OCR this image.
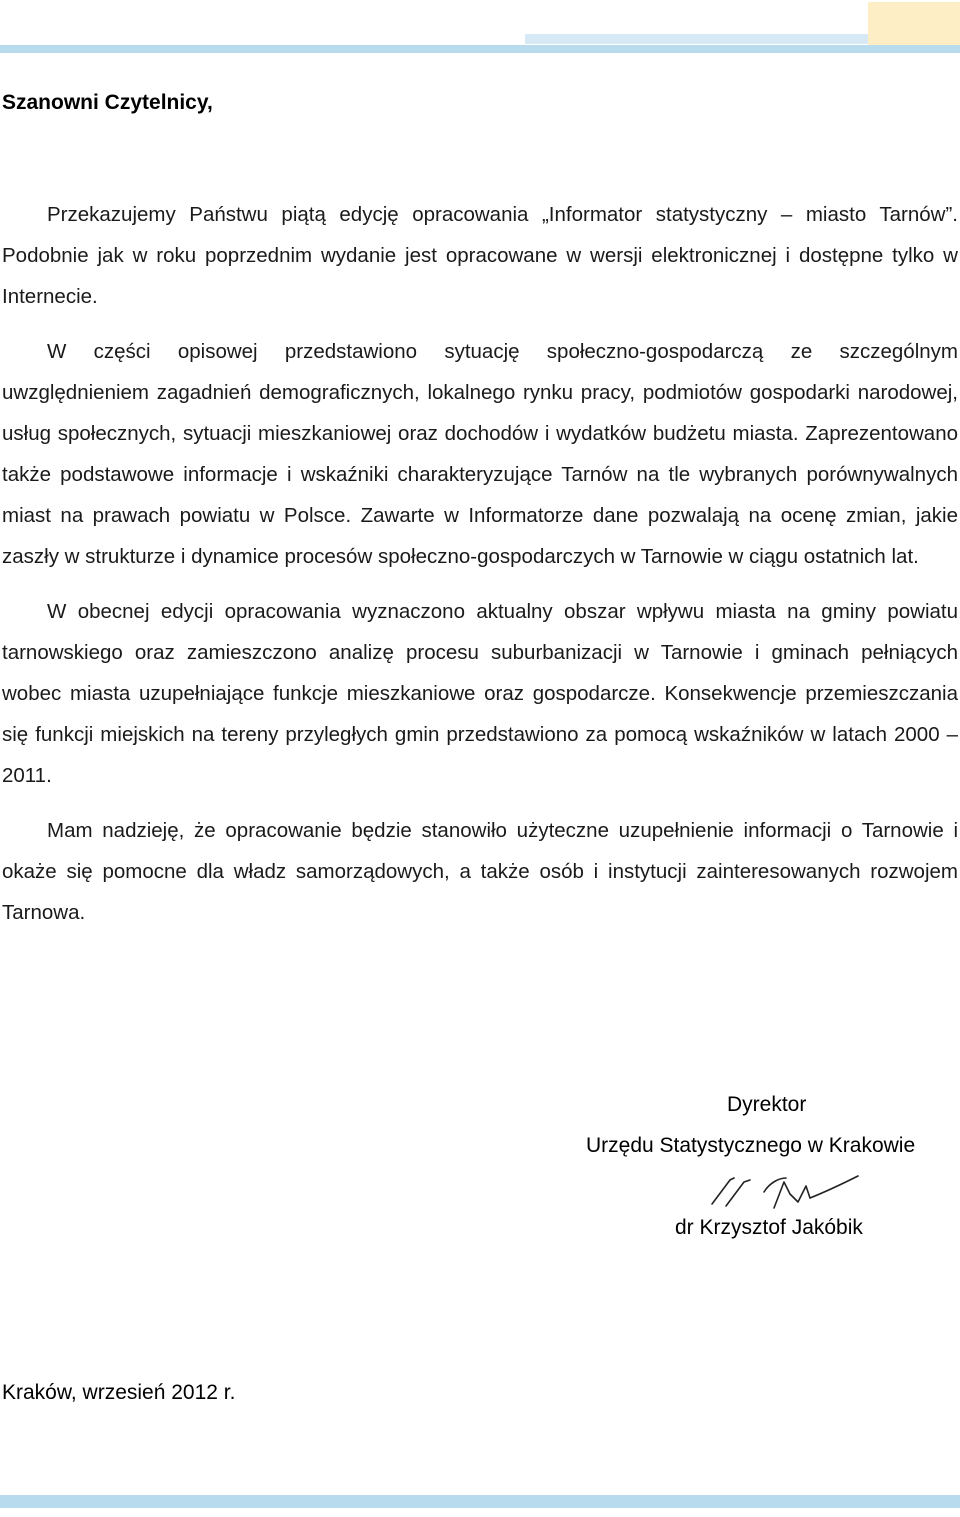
Szanowni Czytelnicy,

Przekazujemy Państwu piątą edycję opracowania „Informator statystyczny – miasto Tarnów”. Podobnie jak w roku poprzednim wydanie jest opracowane w wersji elektronicznej i dostępne tylko w Internecie.

W części opisowej przedstawiono sytuację społeczno-gospodarczą ze szczególnym uwzględnieniem zagadnień demograficznych, lokalnego rynku pracy, podmiotów gospodarki narodowej, usług społecznych, sytuacji mieszkaniowej oraz dochodów i wydatków budżetu miasta. Zaprezentowano także podstawowe informacje i wskaźniki charakteryzujące Tarnów na tle wybranych porównywalnych miast na prawach powiatu w Polsce. Zawarte w Informatorze dane pozwalają na ocenę zmian, jakie zaszły w strukturze i dynamice procesów społeczno-gospodarczych w Tarnowie w ciągu ostatnich lat.

W obecnej edycji opracowania wyznaczono aktualny obszar wpływu miasta na gminy powiatu tarnowskiego oraz zamieszczono analizę procesu suburbanizacji w Tarnowie i gminach pełniących wobec miasta uzupełniające funkcje mieszkaniowe oraz gospodarcze. Konsekwencje przemieszczania się funkcji miejskich na tereny przyległych gmin przedstawiono za pomocą wskaźników w latach 2000 – 2011.

Mam nadzieję, że opracowanie będzie stanowiło użyteczne uzupełnienie informacji o Tarnowie i okaże się pomocne dla władz samorządowych, a także osób i instytucji zainteresowanych rozwojem Tarnowa.

Dyrektor

Urzędu Statystycznego w Krakowie

dr Krzysztof Jakóbik

Kraków, wrzesień 2012 r.
